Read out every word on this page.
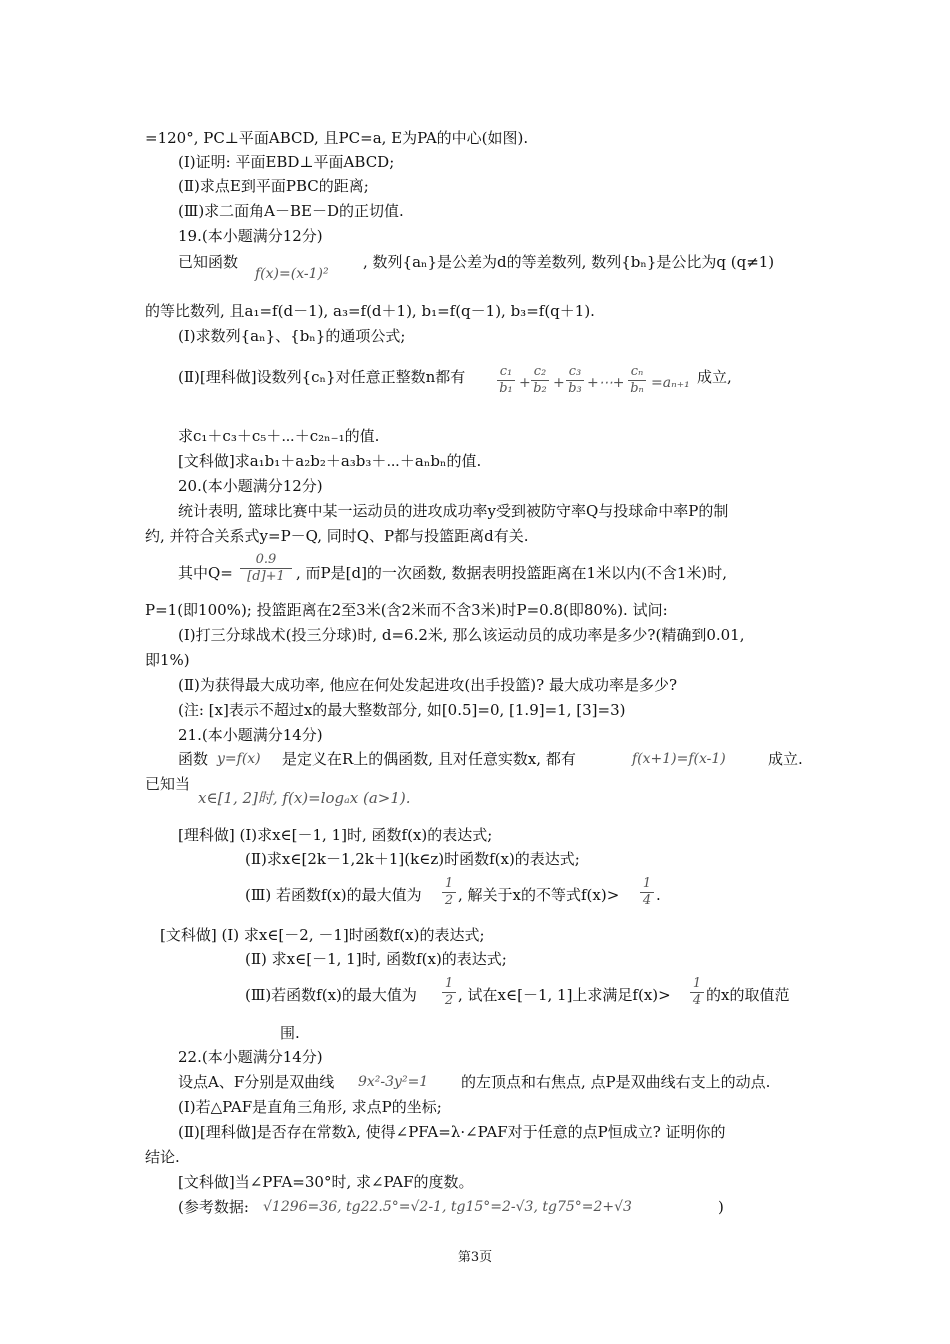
=120°, PC⊥平面ABCD, 且PC=a, E为PA的中心(如图).
(Ⅰ)证明: 平面EBD⊥平面ABCD;
(Ⅱ)求点E到平面PBC的距离;
(Ⅲ)求二面角A－BE－D的正切值.
19.(本小题满分12分)
已知函数
f(x)=(x-1)²
, 数列{aₙ}是公差为d的等差数列, 数列{bₙ}是公比为q (q≠1)
的等比数列, 且a₁=f(d－1), a₃=f(d＋1), b₁=f(q－1), b₃=f(q＋1).
(Ⅰ)求数列{aₙ}、{bₙ}的通项公式;
(Ⅱ)[理科做]设数列{cₙ}对任意正整数n都有	c₁
b₁ +
c₂
b₂ +
c₃
b₃ +⋯+
cₙ
bₙ =aₙ₊₁ 成立,
求c₁＋c₃＋c₅＋⋯＋c₂ₙ₋₁的值.
[文科做]求a₁b₁＋a₂b₂＋a₃b₃＋⋯＋aₙbₙ的值.
20.(本小题满分12分)
统计表明, 篮球比赛中某一运动员的进攻成功率y受到被防守率Q与投球命中率P的制
约, 并符合关系式y=P－Q, 同时Q、P都与投篮距离d有关.
其中Q=
0.9
[d]+1 , 而P是[d]的一次函数, 数据表明投篮距离在1米以内(不含1米)时,
P=1(即100%); 投篮距离在2至3米(含2米而不含3米)时P=0.8(即80%). 试问:
(Ⅰ)打三分球战术(投三分球)时, d=6.2米, 那么该运动员的成功率是多少?(精确到0.01,
即1%)
(Ⅱ)为获得最大成功率, 他应在何处发起进攻(出手投篮)? 最大成功率是多少?
(注: [x]表示不超过x的最大整数部分, 如[0.5]=0, [1.9]=1, [3]=3)
21.(本小题满分14分)
函数 y=f(x) 是定义在R上的偶函数, 且对任意实数x, 都有	f(x+1)=f(x-1)	成立.
已知当
x∈[1, 2]时, f(x)=logₐx (a>1).
[理科做] (Ⅰ)求x∈[－1, 1]时, 函数f(x)的表达式;
(Ⅱ)求x∈[2k－1,2k＋1](k∈z)时函数f(x)的表达式;
(Ⅲ) 若函数f(x)的最大值为
1
2 , 解关于x的不等式f(x)>
1
4 .
[文科做] (Ⅰ) 求x∈[－2, －1]时函数f(x)的表达式;
(Ⅱ) 求x∈[－1, 1]时, 函数f(x)的表达式;
(Ⅲ)若函数f(x)的最大值为
1
2 , 试在x∈[－1, 1]上求满足f(x)>
1
4 的x的取值范
围.
22.(本小题满分14分)
设点A、F分别是双曲线 9x²-3y²=1 的左顶点和右焦点, 点P是双曲线右支上的动点.
(Ⅰ)若△PAF是直角三角形, 求点P的坐标;
(Ⅱ)[理科做]是否存在常数λ, 使得∠PFA=λ·∠PAF对于任意的点P恒成立? 证明你的
结论.
[文科做]当∠PFA=30°时, 求∠PAF的度数。
(参考数据: √1296=36, tg22.5°=√2-1, tg15°=2-√3, tg75°=2+√3	)
第3页
